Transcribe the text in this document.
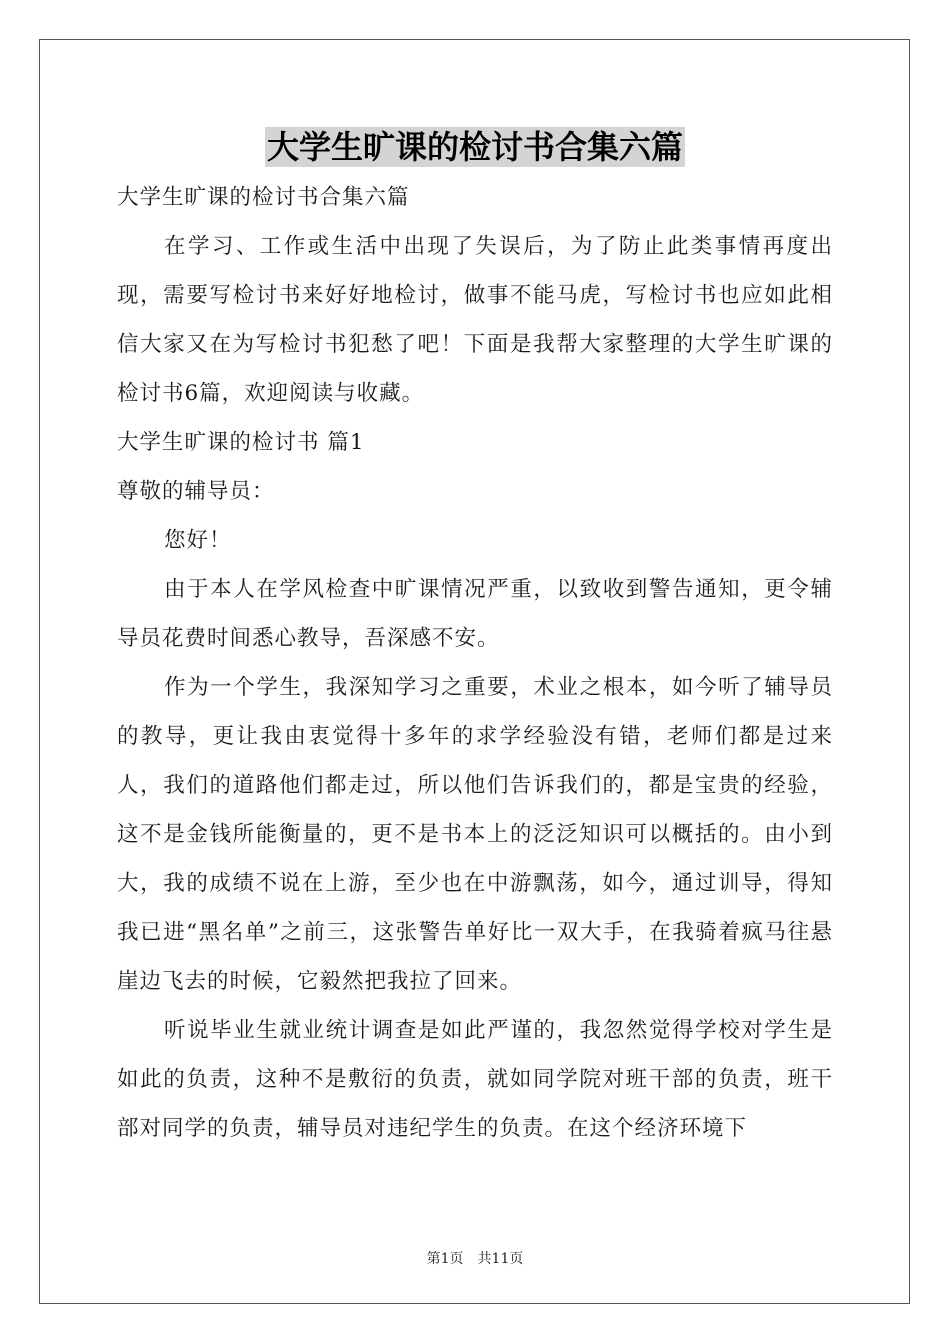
大学生旷课的检讨书合集六篇

大学生旷课的检讨书合集六篇

在学习、工作或生活中出现了失误后，为了防止此类事情再度出现，需要写检讨书来好好地检讨，做事不能马虎，写检讨书也应如此相信大家又在为写检讨书犯愁了吧！下面是我帮大家整理的大学生旷课的检讨书6篇，欢迎阅读与收藏。

大学生旷课的检讨书 篇1

尊敬的辅导员：

您好！

由于本人在学风检查中旷课情况严重，以致收到警告通知，更令辅导员花费时间悉心教导，吾深感不安。

作为一个学生，我深知学习之重要，术业之根本，如今听了辅导员的教导，更让我由衷觉得十多年的求学经验没有错，老师们都是过来人，我们的道路他们都走过，所以他们告诉我们的，都是宝贵的经验，这不是金钱所能衡量的，更不是书本上的泛泛知识可以概括的。由小到大，我的成绩不说在上游，至少也在中游飘荡，如今，通过训导，得知我已进“黑名单”之前三，这张警告单好比一双大手，在我骑着疯马往悬崖边飞去的时候，它毅然把我拉了回来。

听说毕业生就业统计调查是如此严谨的，我忽然觉得学校对学生是如此的负责，这种不是敷衍的负责，就如同学院对班干部的负责，班干部对同学的负责，辅导员对违纪学生的负责。在这个经济环境下

第1页 共11页
